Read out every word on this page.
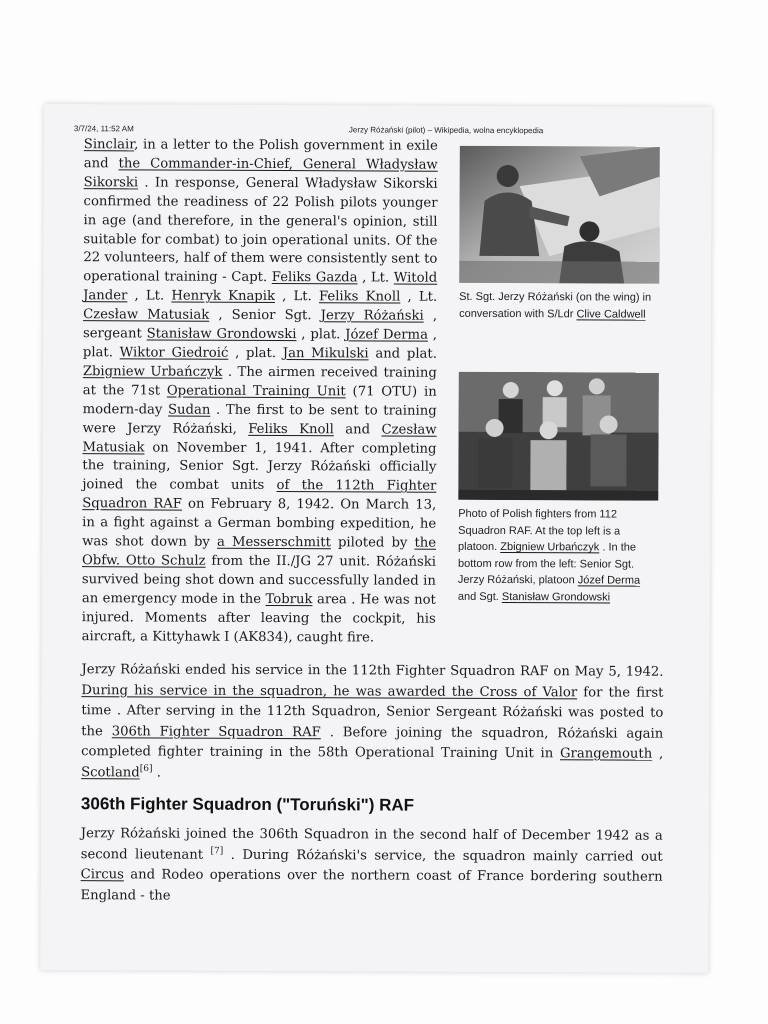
3/7/24, 11:52 AM	Jerzy Różański (pilot) – Wikipedia, wolna encyklopedia

Sinclair, in a letter to the Polish government in exile and the Commander-in-Chief, General Władysław Sikorski . In response, General Władysław Sikorski confirmed the readiness of 22 Polish pilots younger in age (and therefore, in the general's opinion, still suitable for combat) to join operational units. Of the 22 volunteers, half of them were consistently sent to operational training - Capt. Feliks Gazda , Lt. Witold Jander , Lt. Henryk Knapik , Lt. Feliks Knoll , Lt. Czesław Matusiak , Senior Sgt. Jerzy Różański , sergeant Stanisław Grondowski , plat. Józef Derma , plat. Wiktor Giedroić , plat. Jan Mikulski and plat. Zbigniew Urbańczyk . The airmen received training at the 71st Operational Training Unit (71 OTU) in modern-day Sudan . The first to be sent to training were Jerzy Różański, Feliks Knoll and Czesław Matusiak on November 1, 1941. After completing the training, Senior Sgt. Jerzy Różański officially joined the combat units of the 112th Fighter Squadron RAF on February 8, 1942. On March 13, in a fight against a German bombing expedition, he was shot down by a Messerschmitt piloted by the Obfw. Otto Schulz from the II./JG 27 unit. Różański survived being shot down and successfully landed in an emergency mode in the Tobruk area . He was not injured. Moments after leaving the cockpit, his aircraft, a Kittyhawk I (AK834), caught fire.

St. Sgt. Jerzy Różański (on the wing) in conversation with S/Ldr Clive Caldwell
Photo of Polish fighters from 112 Squadron RAF. At the top left is a platoon. Zbigniew Urbańczyk . In the bottom row from the left: Senior Sgt. Jerzy Różański, platoon Józef Derma and Sgt. Stanisław Grondowski

Jerzy Różański ended his service in the 112th Fighter Squadron RAF on May 5, 1942. During his service in the squadron, he was awarded the Cross of Valor for the first time . After serving in the 112th Squadron, Senior Sergeant Różański was posted to the 306th Fighter Squadron RAF . Before joining the squadron, Różański again completed fighter training in the 58th Operational Training Unit in Grangemouth , Scotland[6] .

306th Fighter Squadron ("Toruński") RAF

Jerzy Różański joined the 306th Squadron in the second half of December 1942 as a second lieutenant [7] . During Różański's service, the squadron mainly carried out Circus and Rodeo operations over the northern coast of France bordering southern England - the
